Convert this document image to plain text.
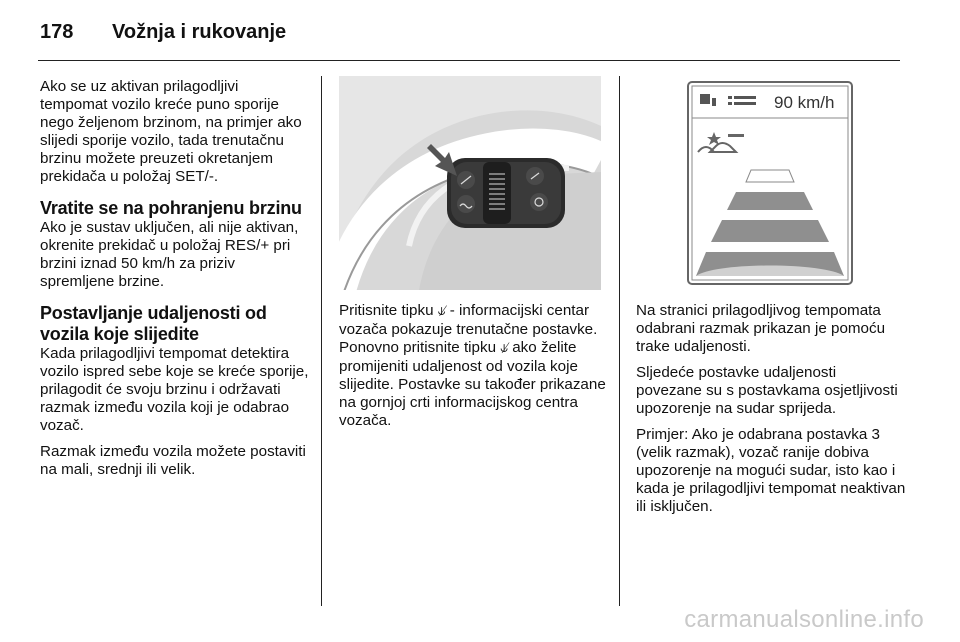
178	Vožnja i rukovanje

Ako se uz aktivan prilagodljivi tempomat vozilo kreće puno sporije nego željenom brzinom, na primjer ako slijedi sporije vozilo, tada trenutačnu brzinu možete preuzeti okretanjem prekidača u položaj SET/-.

Vratite se na pohranjenu brzinu

Ako je sustav uključen, ali nije aktivan, okrenite prekidač u položaj RES/+ pri brzini iznad 50 km/h za priziv spremljene brzine.

Postavljanje udaljenosti od vozila koje slijedite

Kada prilagodljivi tempomat detektira vozilo ispred sebe koje se kreće sporije, prilagodit će svoju brzinu i održavati razmak između vozila koji je odabrao vozač.

Razmak između vozila možete postaviti na mali, srednji ili velik.

90 km/h

Pritisnite tipku ⫝̸ - informacijski centar vozača pokazuje trenutačne postavke. Ponovno pritisnite tipku ⫝̸ ako želite promijeniti udaljenost od vozila koje slijedite. Postavke su također prikazane na gornjoj crti informacijskog centra vozača.

Na stranici prilagodljivog tempomata odabrani razmak prikazan je pomoću trake udaljenosti.

Sljedeće postavke udaljenosti povezane su s postavkama osjetljivosti upozorenje na sudar sprijeda.

Primjer: Ako je odabrana postavka 3 (velik razmak), vozač ranije dobiva upozorenje na mogući sudar, isto kao i kada je prilagodljivi tempomat neaktivan ili isključen.

carmanualsonline.info
